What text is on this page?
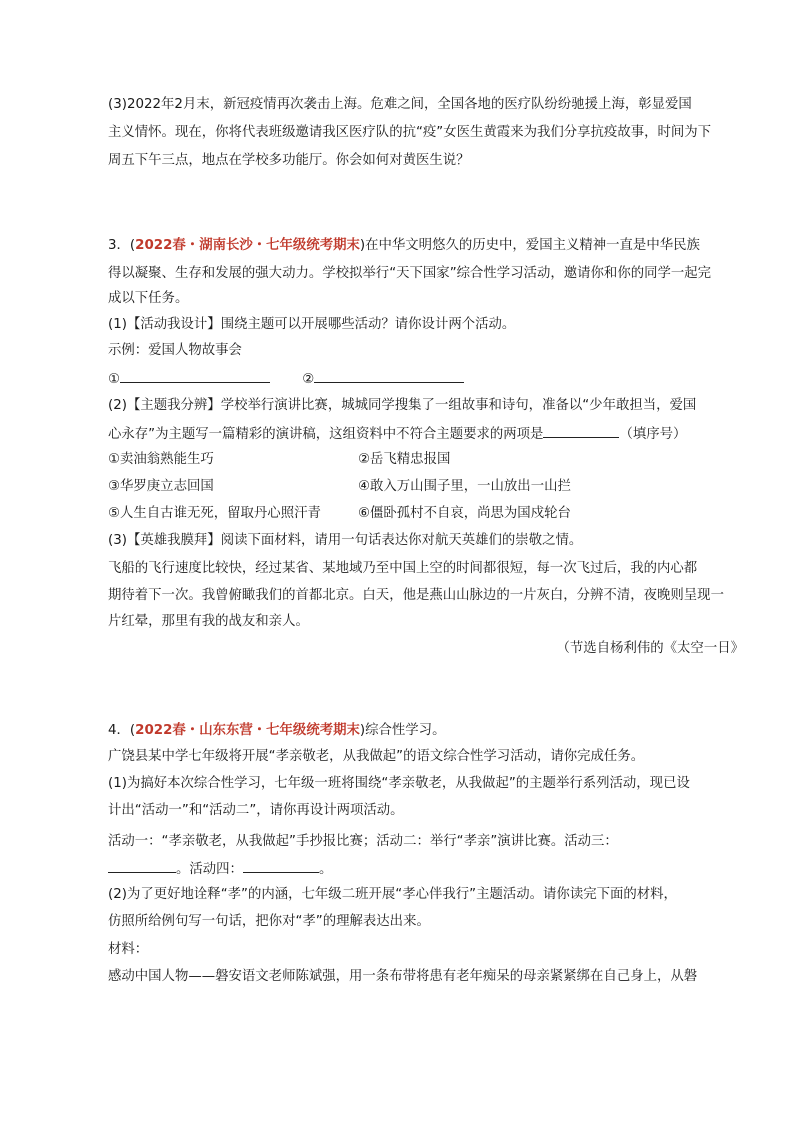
(3)2022年2月末，新冠疫情再次袭击上海。危难之间，全国各地的医疗队纷纷驰援上海，彰显爱国
主义情怀。现在，你将代表班级邀请我区医疗队的抗“疫”女医生黄霞来为我们分享抗疫故事，时间为下
周五下午三点，地点在学校多功能厅。你会如何对黄医生说？
3．(2022春・湖南长沙・七年级统考期末)在中华文明悠久的历史中，爱国主义精神一直是中华民族
得以凝聚、生存和发展的强大动力。学校拟举行“天下国家”综合性学习活动，邀请你和你的同学一起完
成以下任务。
(1)【活动我设计】围绕主题可以开展哪些活动？请你设计两个活动。
示例：爱国人物故事会
①	②
(2)【主题我分辨】学校举行演讲比赛，城城同学搜集了一组故事和诗句，准备以“少年敢担当，爱国
心永存”为主题写一篇精彩的演讲稿，这组资料中不符合主题要求的两项是	（填序号）
①卖油翁熟能生巧	②岳飞精忠报国
③华罗庚立志回国	④敢入万山围子里，一山放出一山拦
⑤人生自古谁无死，留取丹心照汗青	⑥僵卧孤村不自哀，尚思为国戍轮台
(3)【英雄我膜拜】阅读下面材料，请用一句话表达你对航天英雄们的崇敬之情。
飞船的飞行速度比较快，经过某省、某地域乃至中国上空的时间都很短，每一次飞过后，我的内心都
期待着下一次。我曾俯瞰我们的首都北京。白天，他是燕山山脉边的一片灰白，分辨不清，夜晚则呈现一
片红晕，那里有我的战友和亲人。
（节选自杨利伟的《太空一日》
4．(2022春・山东东营・七年级统考期末)综合性学习。
广饶县某中学七年级将开展“孝亲敬老，从我做起”的语文综合性学习活动，请你完成任务。
(1)为搞好本次综合性学习，七年级一班将围绕“孝亲敬老，从我做起”的主题举行系列活动，现已设
计出“活动一”和“活动二”，请你再设计两项活动。
活动一：“孝亲敬老，从我做起”手抄报比赛；活动二：举行“孝亲”演讲比赛。活动三：
。活动四：	。
(2)为了更好地诠释“孝”的内涵，七年级二班开展“孝心伴我行”主题活动。请你读完下面的材料，
仿照所给例句写一句话，把你对“孝”的理解表达出来。
材料：
感动中国人物——磐安语文老师陈斌强，用一条布带将患有老年痴呆的母亲紧紧绑在自己身上，从磐
